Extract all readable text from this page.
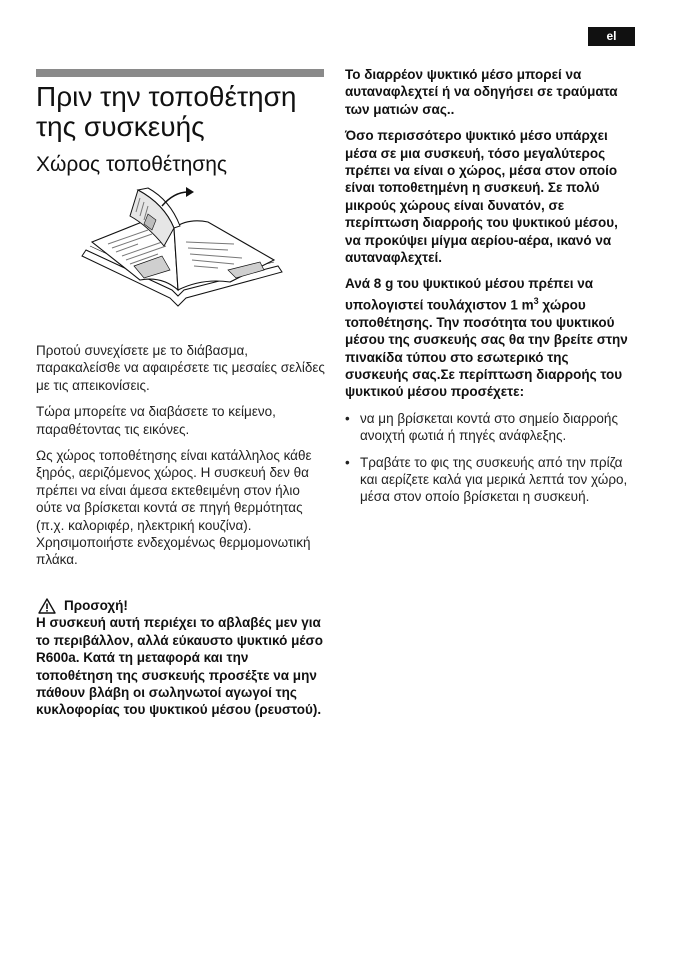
el
Πριν την τοποθέτηση της συσκευής
Χώρος τοποθέτησης

Προτού συνεχίσετε με το διάβασμα, παρακαλείσθε να αφαιρέσετε τις μεσαίες σελίδες με τις απεικονίσεις.

Τώρα μπορείτε να διαβάσετε το κείμενο, παραθέτοντας τις εικόνες.

Ως χώρος τοποθέτησης είναι κατάλληλος κάθε ξηρός, αεριζόμενος χώρος. Η συσκευή δεν θα πρέπει να είναι άμεσα εκτεθειμένη στον ήλιο ούτε να βρίσκεται κοντά σε πηγή θερμότητας (π.χ. καλοριφέρ, ηλεκτρική κουζίνα). Χρησιμοποιήστε ενδεχομένως θερμομονωτική πλάκα.

Προσοχή!

Η συσκευή αυτή περιέχει το αβλαβές μεν για το περιβάλλον, αλλά εύκαυστο ψυκτικό μέσο R600a. Κατά τη μεταφορά και την τοποθέτηση της συσκευής προσέξτε να μην πάθουν βλάβη οι σωληνωτοί αγωγοί της κυκλοφορίας του ψυκτικού μέσου (ρευστού).

Το διαρρέον ψυκτικό μέσο μπορεί να αυταναφλεχτεί ή να οδηγήσει σε τραύματα των ματιών σας..

Όσο περισσότερο ψυκτικό μέσο υπάρχει μέσα σε μια συσκευή, τόσο μεγαλύτερος πρέπει να είναι ο χώρος, μέσα στον οποίο είναι τοποθετημένη η συσκευή. Σε πολύ μικρούς χώρους είναι δυνατόν, σε περίπτωση διαρροής του ψυκτικού μέσου, να προκύψει μίγμα αερίου-αέρα, ικανό να αυταναφλεχτεί.

Ανά 8 g του ψυκτικού μέσου πρέπει να υπολογιστεί τουλάχιστον 1 $m^3$ χώρου τοποθέτησης. Την ποσότητα του ψυκτικού μέσου της συσκευής σας θα την βρείτε στην πινακίδα τύπου στο εσωτερικό της συσκευής σας.Σε περίπτωση διαρροής του ψυκτικού μέσου προσέχετε:

• να μη βρίσκεται κοντά στο σημείο διαρροής ανοιχτή φωτιά ή πηγές ανάφλεξης.
• Τραβάτε το φις της συσκευής από την πρίζα και αερίζετε καλά για μερικά λεπτά τον χώρο, μέσα στον οποίο βρίσκεται η συσκευή.
